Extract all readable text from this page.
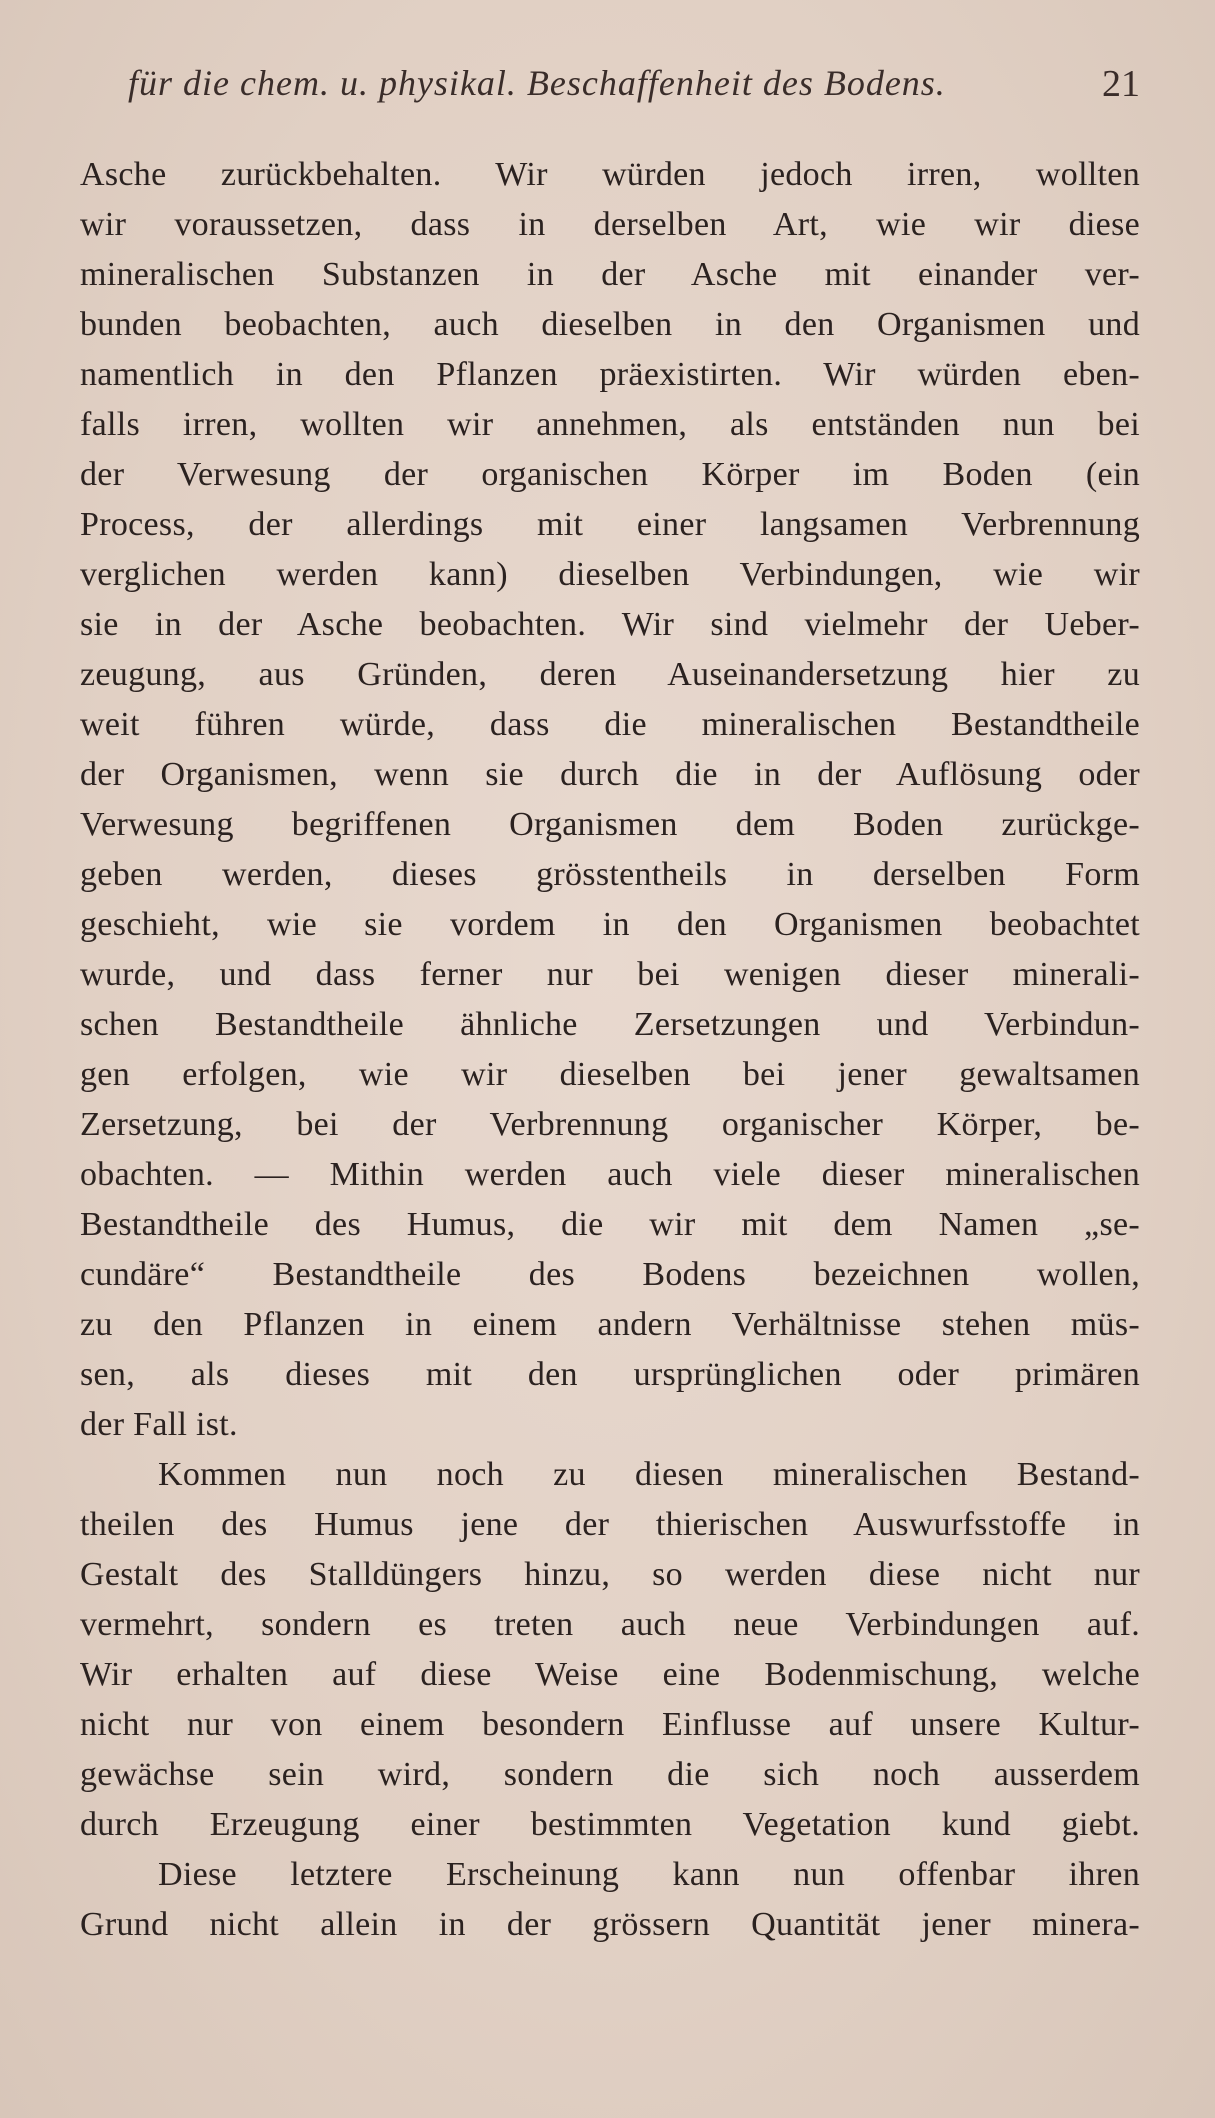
für die chem. u. physikal. Beschaffenheit des Bodens.	21
Asche zurückbehalten. Wir würden jedoch irren, wollten
wir voraussetzen, dass in derselben Art, wie wir diese
mineralischen Substanzen in der Asche mit einander ver-
bunden beobachten, auch dieselben in den Organismen und
namentlich in den Pflanzen präexistirten. Wir würden eben-
falls irren, wollten wir annehmen, als entständen nun bei
der Verwesung der organischen Körper im Boden (ein
Process, der allerdings mit einer langsamen Verbrennung
verglichen werden kann) dieselben Verbindungen, wie wir
sie in der Asche beobachten. Wir sind vielmehr der Ueber-
zeugung, aus Gründen, deren Auseinandersetzung hier zu
weit führen würde, dass die mineralischen Bestandtheile
der Organismen, wenn sie durch die in der Auflösung oder
Verwesung begriffenen Organismen dem Boden zurückge-
geben werden, dieses grösstentheils in derselben Form
geschieht, wie sie vordem in den Organismen beobachtet
wurde, und dass ferner nur bei wenigen dieser minerali-
schen Bestandtheile ähnliche Zersetzungen und Verbindun-
gen erfolgen, wie wir dieselben bei jener gewaltsamen
Zersetzung, bei der Verbrennung organischer Körper, be-
obachten. — Mithin werden auch viele dieser mineralischen
Bestandtheile des Humus, die wir mit dem Namen „se-
cundäre“ Bestandtheile des Bodens bezeichnen wollen,
zu den Pflanzen in einem andern Verhältnisse stehen müs-
sen, als dieses mit den ursprünglichen oder primären
der Fall ist.
Kommen nun noch zu diesen mineralischen Bestand-
theilen des Humus jene der thierischen Auswurfsstoffe in
Gestalt des Stalldüngers hinzu, so werden diese nicht nur
vermehrt, sondern es treten auch neue Verbindungen auf.
Wir erhalten auf diese Weise eine Bodenmischung, welche
nicht nur von einem besondern Einflusse auf unsere Kultur-
gewächse sein wird, sondern die sich noch ausserdem
durch Erzeugung einer bestimmten Vegetation kund giebt.
Diese letztere Erscheinung kann nun offenbar ihren
Grund nicht allein in der grössern Quantität jener minera-
